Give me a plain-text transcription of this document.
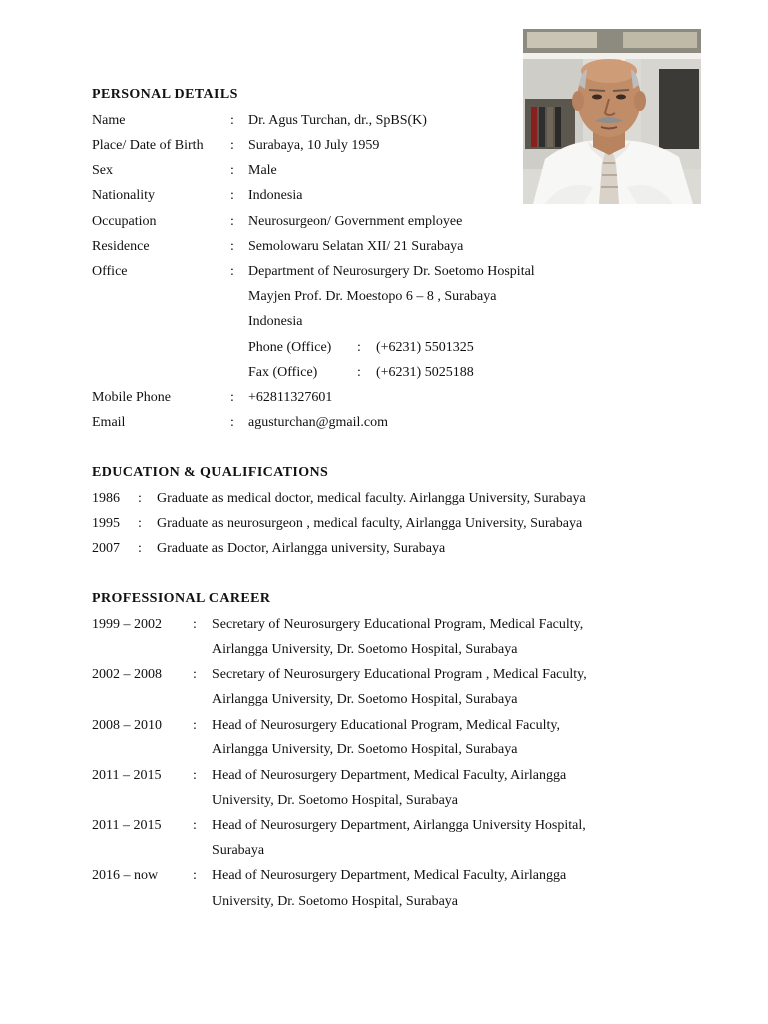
PERSONAL DETAILS
Name	: Dr. Agus Turchan, dr., SpBS(K)
Place/ Date of Birth : Surabaya, 10 July 1959
Sex	: Male
Nationality	: Indonesia
Occupation	: Neurosurgeon/ Government employee
Residence	: Semolowaru Selatan XII/ 21 Surabaya
Office	: Department of Neurosurgery Dr. Soetomo Hospital
Mayjen Prof. Dr. Moestopo 6 – 8 , Surabaya
Indonesia
Phone (Office) : (+6231) 5501325
Fax (Office)	: (+6231) 5025188
Mobile Phone	: +62811327601
Email	: agusturchan@gmail.com
EDUCATION & QUALIFICATIONS
1986 : Graduate as medical doctor, medical faculty. Airlangga University, Surabaya
1995 : Graduate as neurosurgeon , medical faculty, Airlangga University, Surabaya
2007 : Graduate as Doctor, Airlangga university, Surabaya
PROFESSIONAL CAREER
1999 – 2002 : Secretary of Neurosurgery Educational Program, Medical Faculty,
Airlangga University, Dr. Soetomo Hospital, Surabaya
2002 – 2008 : Secretary of Neurosurgery Educational Program , Medical Faculty,
Airlangga University, Dr. Soetomo Hospital, Surabaya
2008 – 2010 : Head of Neurosurgery Educational Program, Medical Faculty,
Airlangga University, Dr. Soetomo Hospital, Surabaya
2011 – 2015 : Head of Neurosurgery Department, Medical Faculty, Airlangga
University, Dr. Soetomo Hospital, Surabaya
2011 – 2015 : Head of Neurosurgery Department, Airlangga University Hospital,
Surabaya
2016 – now : Head of Neurosurgery Department, Medical Faculty, Airlangga
University, Dr. Soetomo Hospital, Surabaya
